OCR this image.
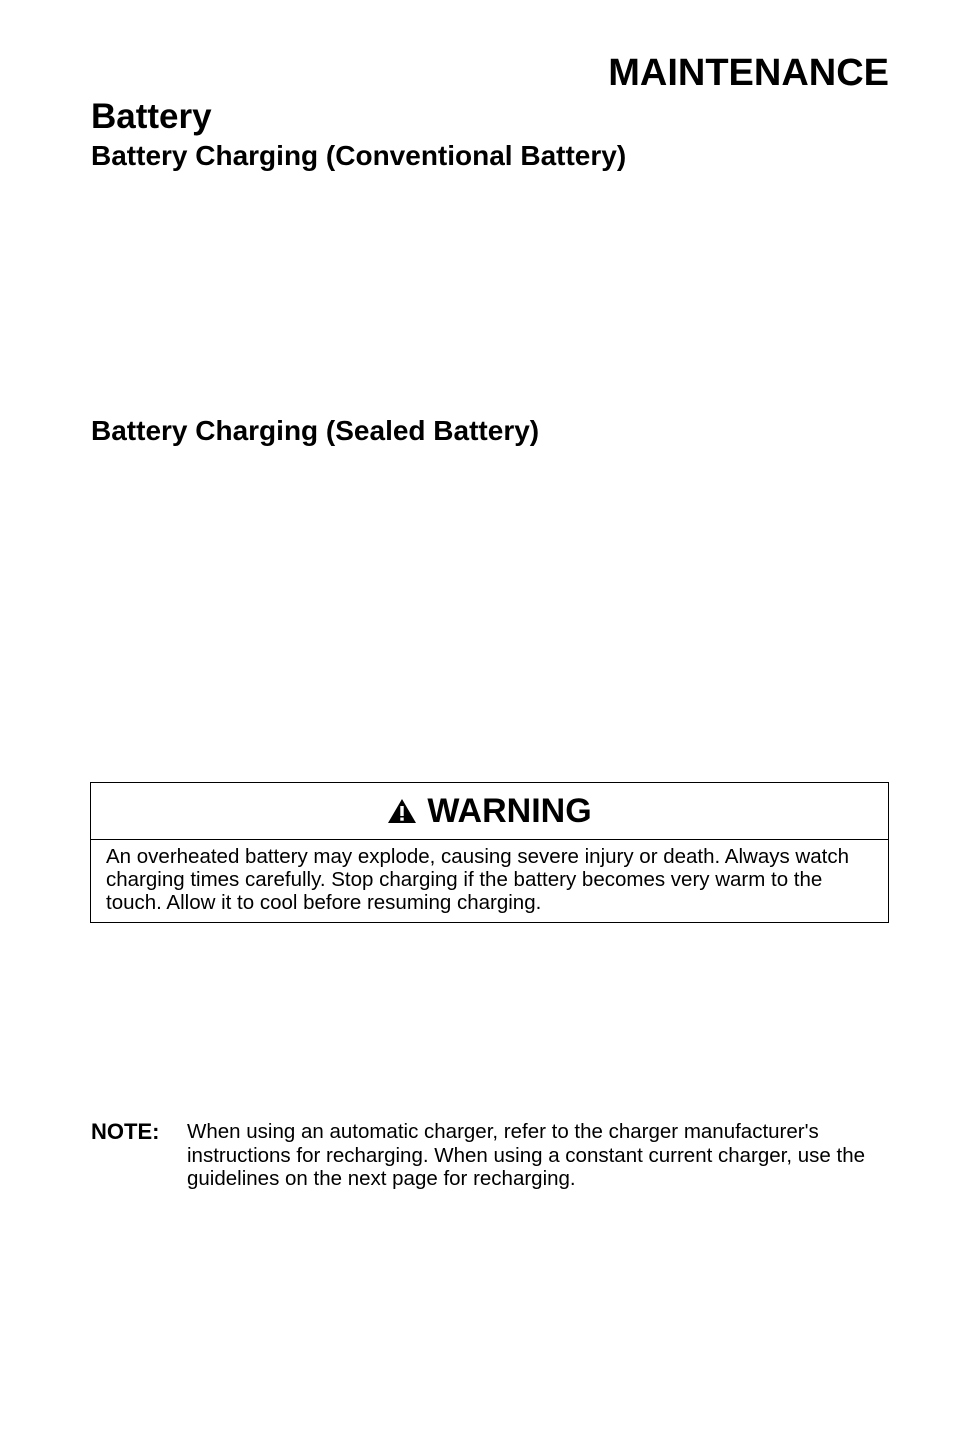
MAINTENANCE
Battery
Battery Charging (Conventional Battery)
Battery Charging (Sealed Battery)
WARNING
An overheated battery may explode, causing severe injury or death. Always watch charging times carefully. Stop charging if the battery becomes very warm to the touch. Allow it to cool before resuming charging.
NOTE:	When using an automatic charger, refer to the charger manufacturer's instructions for recharging. When using a constant current charger, use the guidelines on the next page for recharging.
